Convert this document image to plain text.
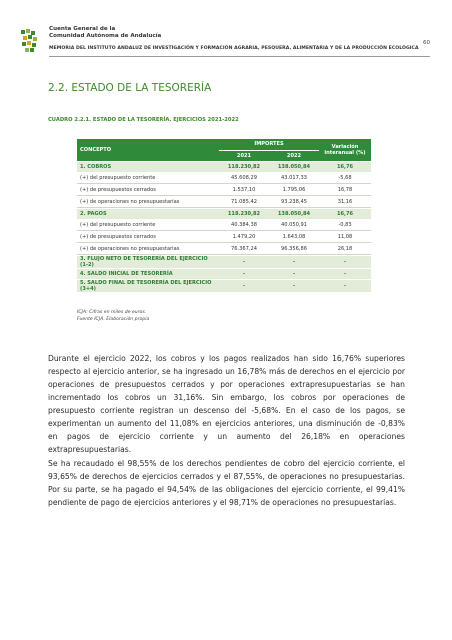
Cuenta General de la
Comunidad Autónoma de Andalucía
60
MEMORIA DEL INSTITUTO ANDALUZ DE INVESTIGACIÓN Y FORMACIÓN AGRARIA, PESQUERA, ALIMENTARIA Y DE LA PRODUCCIÓN ECOLÓGICA
2.2. ESTADO DE LA TESORERÍA
CUADRO 2.2.1. ESTADO DE LA TESORERÍA. EJERCICIOS 2021-2022
CONCEPTO	IMPORTES		Variación
interanual (%)

	2021	2022	
1. COBROS	118.230,82	138.050,84	16,76
(+) del presupuesto corriente	45.608,29	43.017,33	-5,68
(+) de presupuestos cerrados	1.537,10	1.795,06	16,78
(+) de operaciones no presupuestarias	71.085,42	93.238,45	31,16
2. PAGOS	118.230,82	138.050,84	16,76
(+) del presupuesto corriente	40.384,38	40.050,91	-0,83
(+) de presupuestos cerrados	1.479,20	1.643,08	11,08
(+) de operaciones no presupuestarias	76.367,24	96.356,86	26,18
3. FLUJO NETO DE TESORERÍA DEL EJERCICIO (1-2)	-	-	-
4. SALDO INICIAL DE TESORERÍA	-	-	-
5. SALDO FINAL DE TESORERÍA DEL EJERCICIO (3+4)	-	-	-
ICJA: Cifras en miles de euros.
Fuente ICJA. Elaboración propia

Durante el ejercicio 2022, los cobros y los pagos realizados han sido 16,76% superiores respecto al ejercicio anterior, se ha ingresado un 16,78% más de derechos en el ejercicio por operaciones de presupuestos cerrados y por operaciones extrapresupuestarias se han incrementado los cobros un 31,16%. Sin embargo, los cobros por operaciones de presupuesto corriente registran un descenso del -5,68%. En el caso de los pagos, se experimentan un aumento del 11,08% en ejercicios anteriores, una disminución de -0,83% en pagos de ejercicio corriente y un aumento del 26,18% en operaciones extrapresupuestarias.

Se ha recaudado el 98,55% de los derechos pendientes de cobro del ejercicio corriente, el 93,65% de derechos de ejercicios cerrados y el 87,55%, de operaciones no presupuestarias. Por su parte, se ha pagado el 94,54% de las obligaciones del ejercicio corriente, el 99,41% pendiente de pago de ejercicios anteriores y el 98,71% de operaciones no presupuestarias.
